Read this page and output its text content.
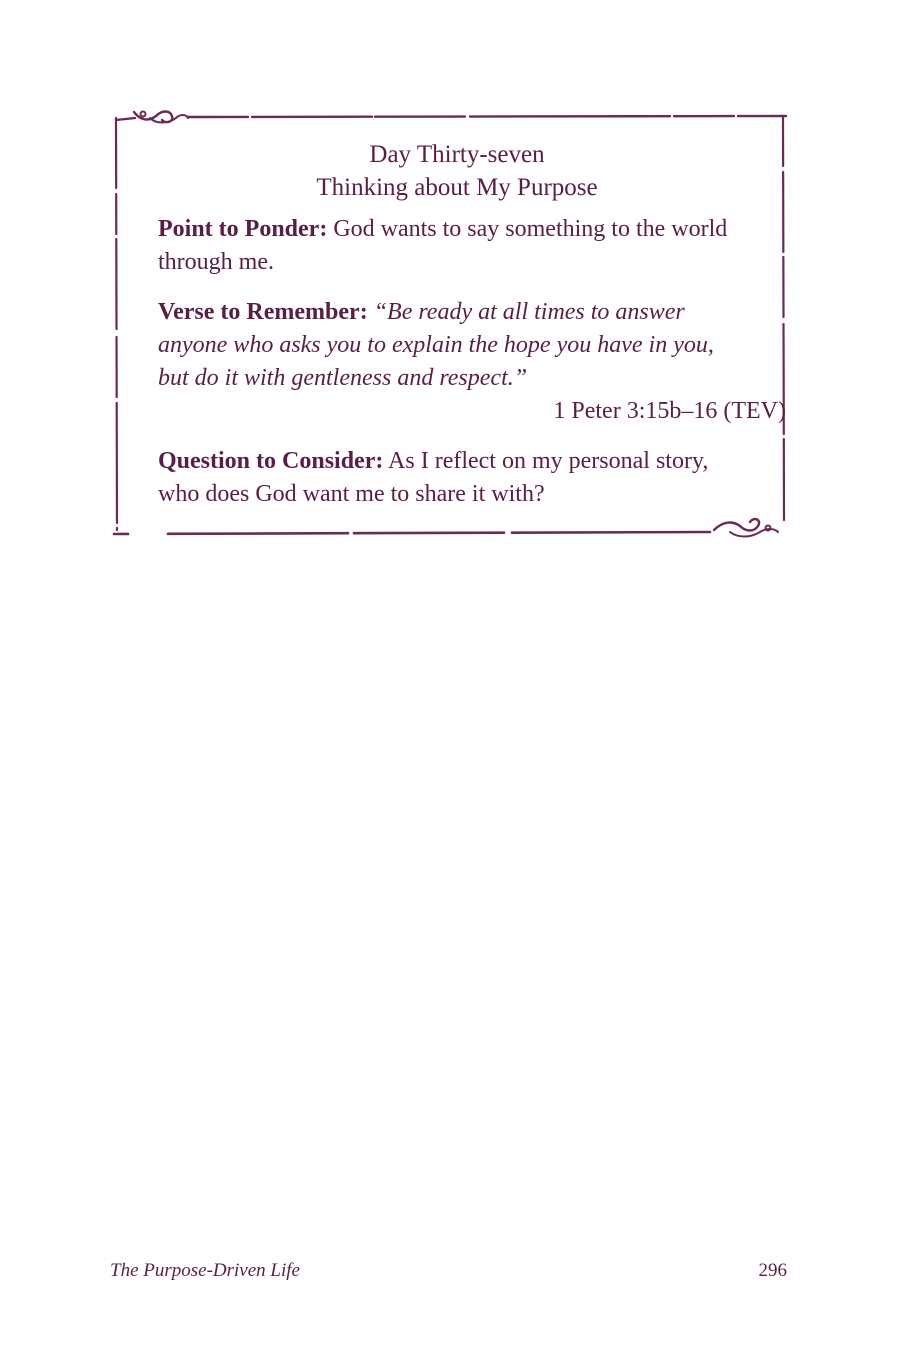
Day Thirty-seven
Thinking about My Purpose
Point to Ponder: God wants to say something to the world through me.
Verse to Remember: “Be ready at all times to answer anyone who asks you to explain the hope you have in you, but do it with gentleness and respect.”
1 Peter 3:15b–16 (TEV)
Question to Consider: As I reflect on my personal story, who does God want me to share it with?
The Purpose-Driven Life	296
